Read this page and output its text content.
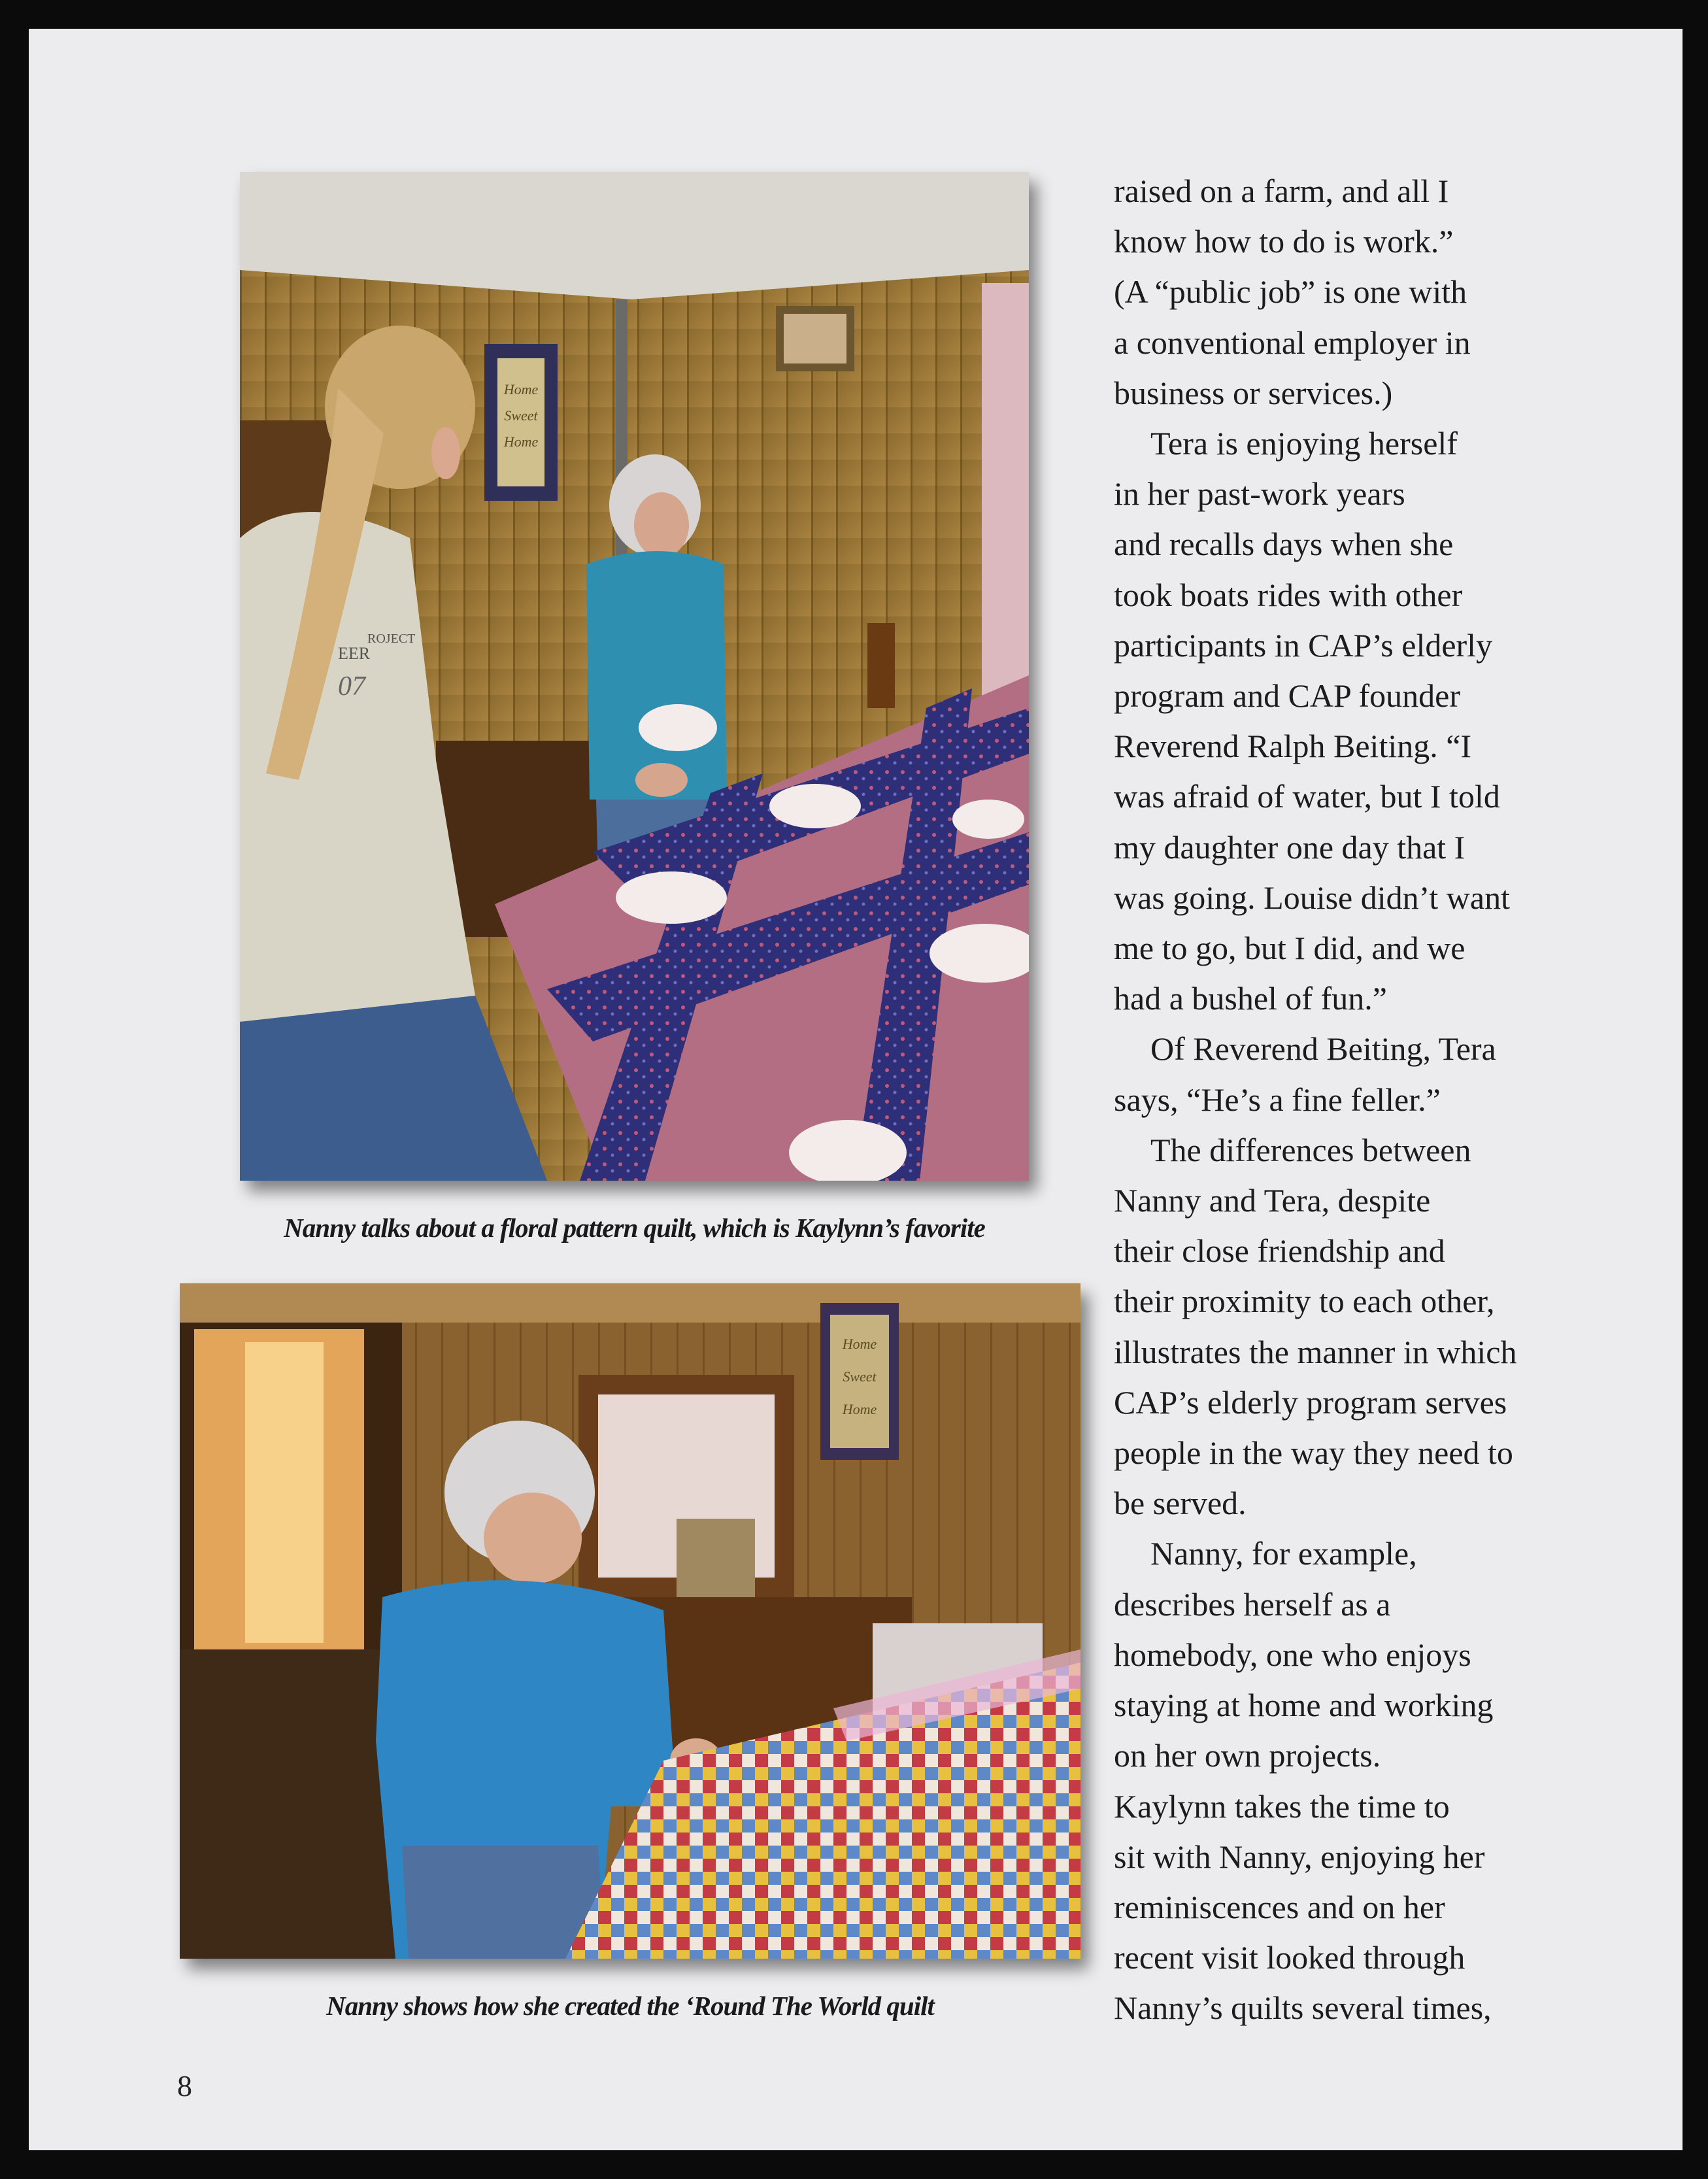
Home
Sweet
Home
ROJECT
EER
07
Nanny talks about a floral pattern quilt, which is Kaylynn’s favorite
Home
Sweet
Home
Nanny shows how she created the ‘Round The World quilt
raised on a farm, and all I
know how to do is work.”
(A “public job” is one with
a conventional employer in
business or services.)
Tera is enjoying herself
in her past-work years
and recalls days when she
took boats rides with other
participants in CAP’s elderly
program and CAP founder
Reverend Ralph Beiting. “I
was afraid of water, but I told
my daughter one day that I
was going. Louise didn’t want
me to go, but I did, and we
had a bushel of fun.”
Of Reverend Beiting, Tera
says, “He’s a fine feller.”
The differences between
Nanny and Tera, despite
their close friendship and
their proximity to each other,
illustrates the manner in which
CAP’s elderly program serves
people in the way they need to
be served.
Nanny, for example,
describes herself as a
homebody, one who enjoys
staying at home and working
on her own projects.
Kaylynn takes the time to
sit with Nanny, enjoying her
reminiscences and on her
recent visit looked through
Nanny’s quilts several times,
8
